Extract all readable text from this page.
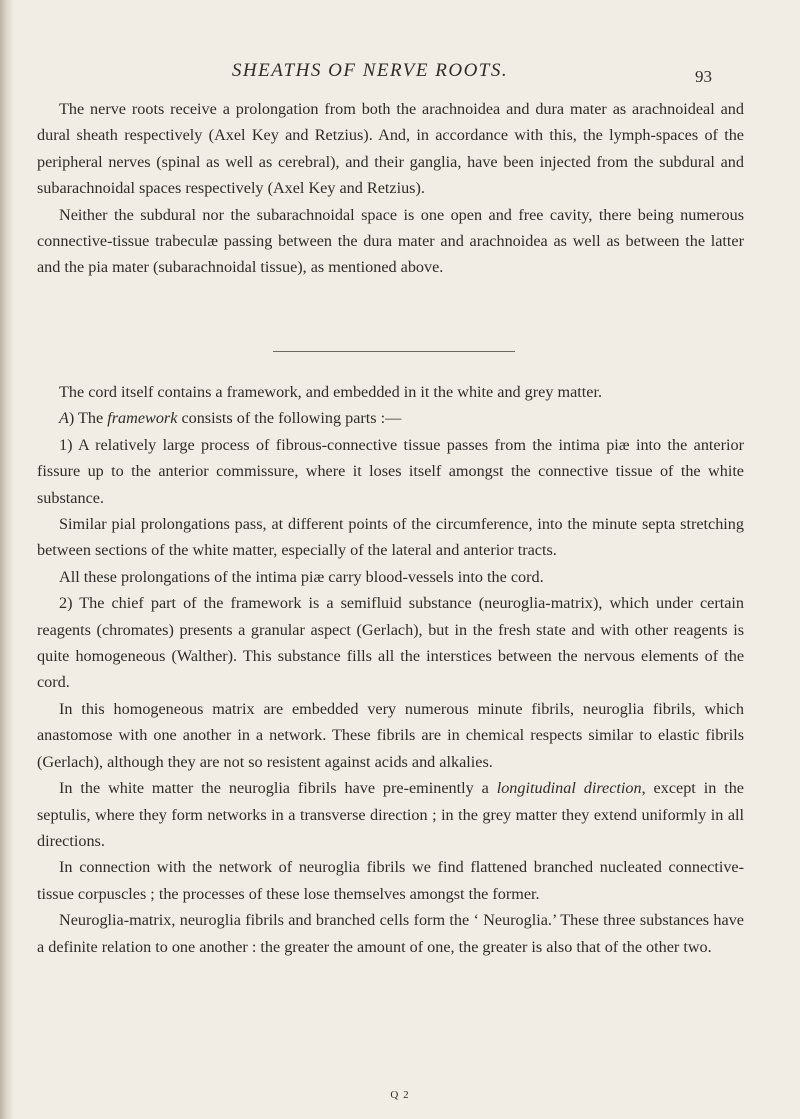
SHEATHS OF NERVE ROOTS.	93

The nerve roots receive a prolongation from both the arachnoidea and dura mater as arachnoideal and dural sheath respectively (Axel Key and Retzius). And, in accordance with this, the lymph-spaces of the peripheral nerves (spinal as well as cerebral), and their ganglia, have been injected from the subdural and subarachnoidal spaces respectively (Axel Key and Retzius).

Neither the subdural nor the subarachnoidal space is one open and free cavity, there being numerous connective-tissue trabeculæ passing between the dura mater and arachnoidea as well as between the latter and the pia mater (subarachnoidal tissue), as mentioned above.

The cord itself contains a framework, and embedded in it the white and grey matter.

A) The framework consists of the following parts :—

1) A relatively large process of fibrous-connective tissue passes from the intima piæ into the anterior fissure up to the anterior commissure, where it loses itself amongst the connective tissue of the white substance.

Similar pial prolongations pass, at different points of the circumference, into the minute septa stretching between sections of the white matter, especially of the lateral and anterior tracts.

All these prolongations of the intima piæ carry blood-vessels into the cord.

2) The chief part of the framework is a semifluid substance (neuroglia-matrix), which under certain reagents (chromates) presents a granular aspect (Gerlach), but in the fresh state and with other reagents is quite homogeneous (Walther). This substance fills all the interstices between the nervous elements of the cord.

In this homogeneous matrix are embedded very numerous minute fibrils, neuroglia fibrils, which anastomose with one another in a network. These fibrils are in chemical respects similar to elastic fibrils (Gerlach), although they are not so resistent against acids and alkalies.

In the white matter the neuroglia fibrils have pre-eminently a longitudinal direction, except in the septulis, where they form networks in a transverse direction ; in the grey matter they extend uniformly in all directions.

In connection with the network of neuroglia fibrils we find flattened branched nucleated connective-tissue corpuscles ; the processes of these lose themselves amongst the former.

Neuroglia-matrix, neuroglia fibrils and branched cells form the ‘ Neuroglia.’ These three substances have a definite relation to one another : the greater the amount of one, the greater is also that of the other two.

Q 2
